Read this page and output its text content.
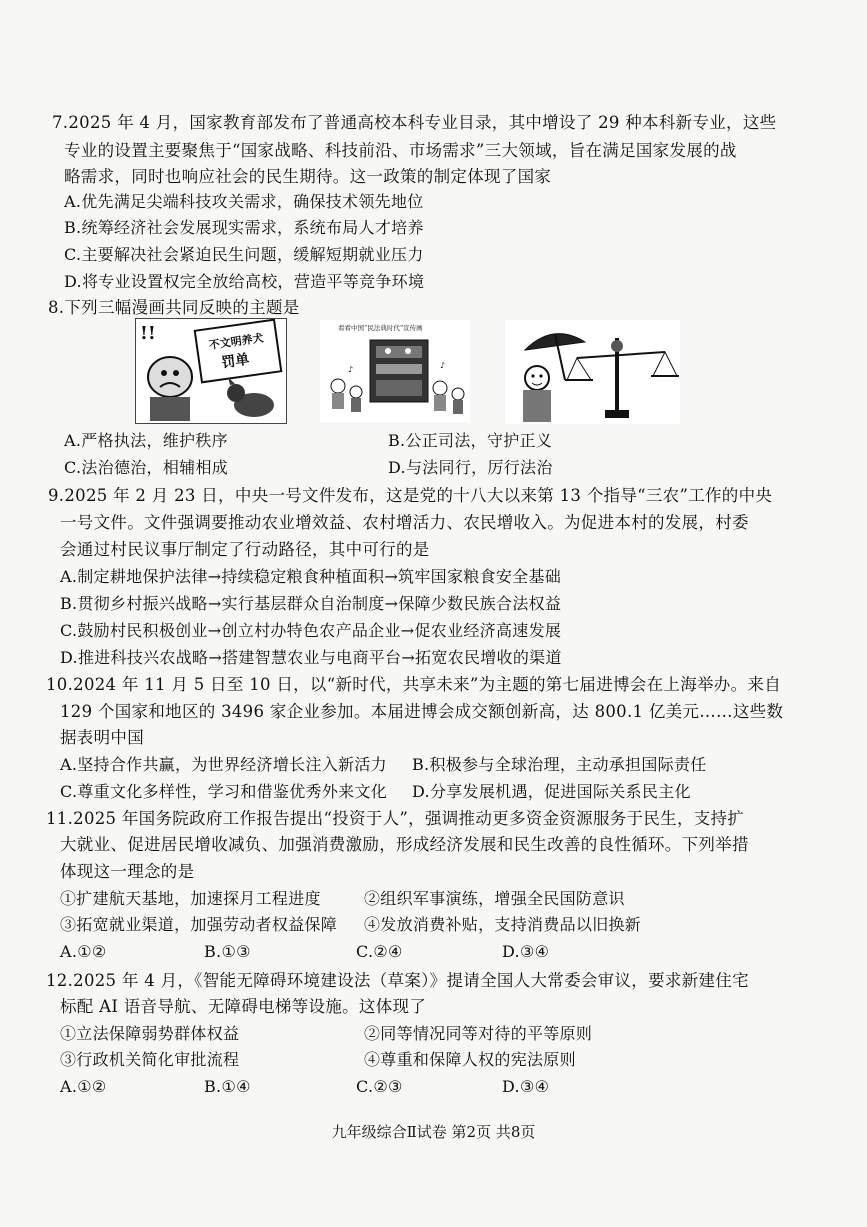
7.2025 年 4 月，国家教育部发布了普通高校本科专业目录，其中增设了 29 种本科新专业，这些
专业的设置主要聚焦于“国家战略、科技前沿、市场需求”三大领域，旨在满足国家发展的战
略需求，同时也响应社会的民生期待。这一政策的制定体现了国家
A.优先满足尖端科技攻关需求，确保技术领先地位
B.统筹经济社会发展现实需求，系统布局人才培养
C.主要解决社会紧迫民生问题，缓解短期就业压力
D.将专业设置权完全放给高校，营造平等竞争环境
8.下列三幅漫画共同反映的主题是
不文明养犬
罚单
!!	看看中国“民法典时代”宣传画
♪	♪
A.严格执法，维护秩序	B.公正司法，守护正义
C.法治德治，相辅相成	D.与法同行，厉行法治
9.2025 年 2 月 23 日，中央一号文件发布，这是党的十八大以来第 13 个指导“三农”工作的中央
一号文件。文件强调要推动农业增效益、农村增活力、农民增收入。为促进本村的发展，村委
会通过村民议事厅制定了行动路径，其中可行的是
A.制定耕地保护法律→持续稳定粮食种植面积→筑牢国家粮食安全基础
B.贯彻乡村振兴战略→实行基层群众自治制度→保障少数民族合法权益
C.鼓励村民积极创业→创立村办特色农产品企业→促农业经济高速发展
D.推进科技兴农战略→搭建智慧农业与电商平台→拓宽农民增收的渠道
10.2024 年 11 月 5 日至 10 日，以“新时代，共享未来”为主题的第七届进博会在上海举办。来自
129 个国家和地区的 3496 家企业参加。本届进博会成交额创新高，达 800.1 亿美元……这些数
据表明中国
A.坚持合作共赢，为世界经济增长注入新活力 B.积极参与全球治理，主动承担国际责任
C.尊重文化多样性，学习和借鉴优秀外来文化 D.分享发展机遇，促进国际关系民主化
11.2025 年国务院政府工作报告提出“投资于人”，强调推动更多资金资源服务于民生，支持扩
大就业、促进居民增收减负、加强消费激励，形成经济发展和民生改善的良性循环。下列举措
体现这一理念的是
①扩建航天基地，加速探月工程进度	②组织军事演练，增强全民国防意识
③拓宽就业渠道，加强劳动者权益保障 ④发放消费补贴，支持消费品以旧换新
A.①②	B.①③	C.②④	D.③④
12.2025 年 4 月，《智能无障碍环境建设法（草案）》提请全国人大常委会审议，要求新建住宅
标配 AI 语音导航、无障碍电梯等设施。这体现了
①立法保障弱势群体权益	②同等情况同等对待的平等原则
③行政机关简化审批流程	④尊重和保障人权的宪法原则
A.①②	B.①④	C.②③	D.③④
九年级综合Ⅱ试卷 第2页 共8页
